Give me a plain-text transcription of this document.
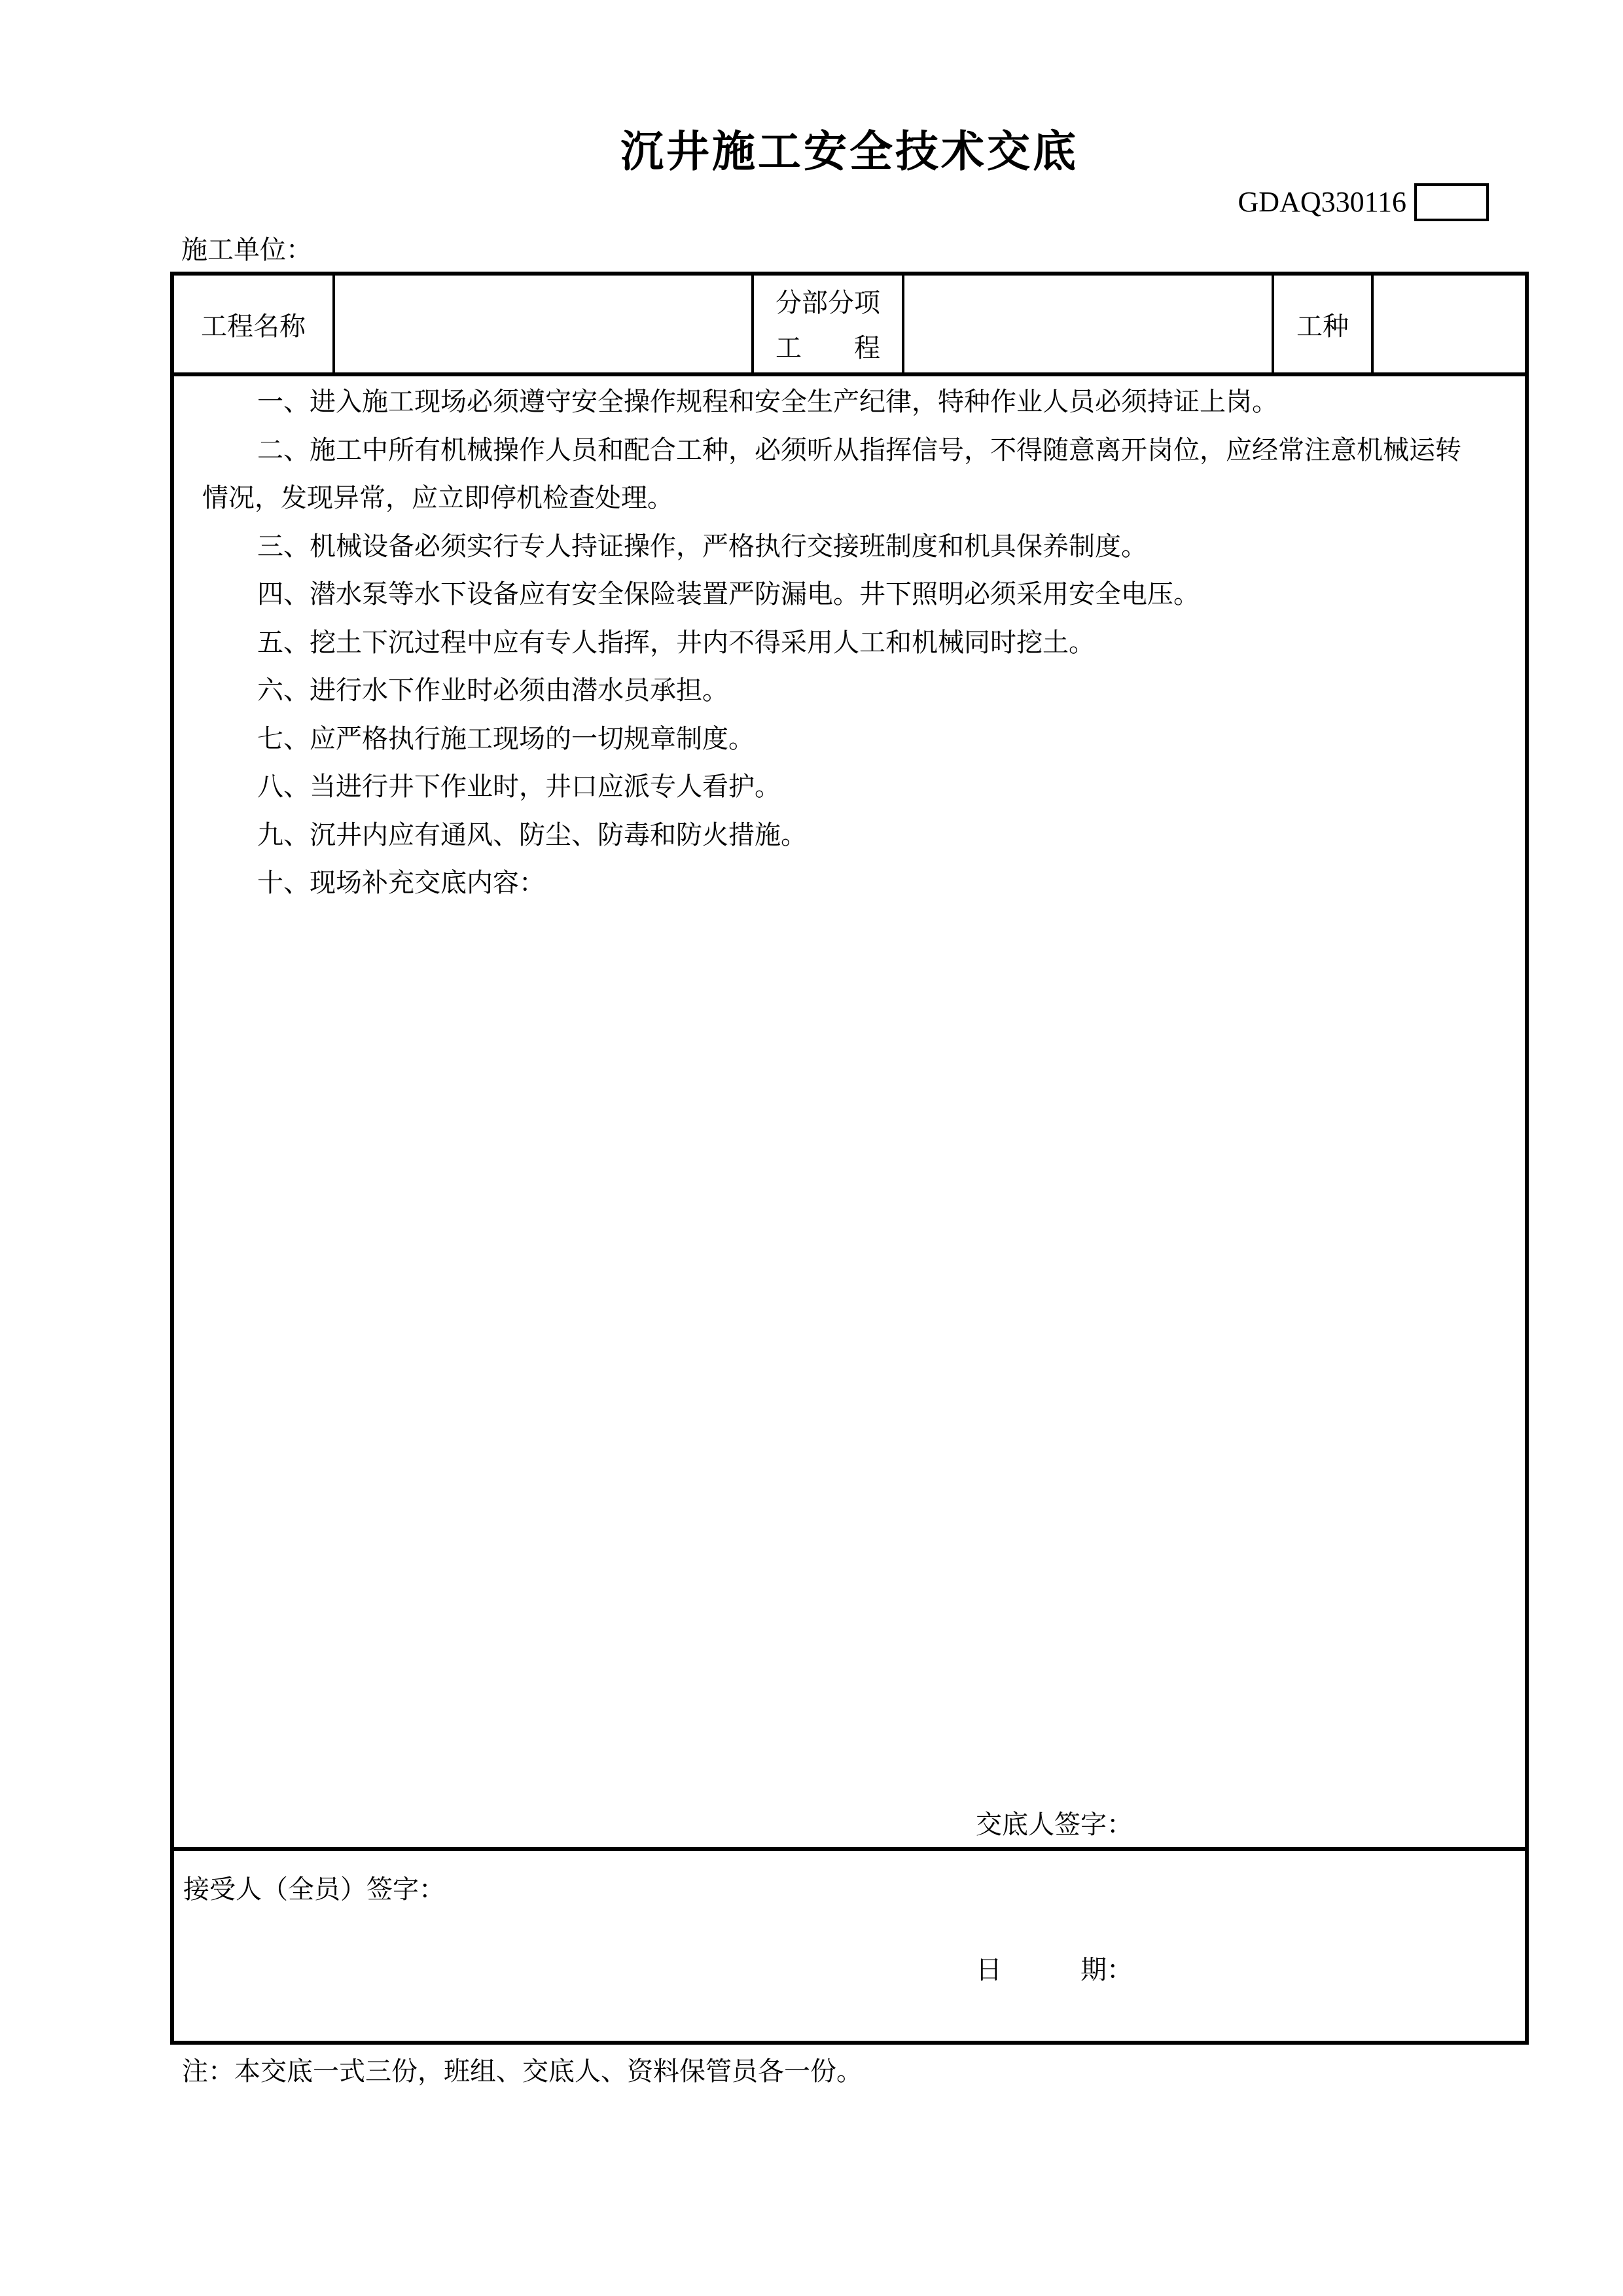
沉井施工安全技术交底
GDAQ330116
施工单位：
工程名称
分部分项
工　　程
工种

一、进入施工现场必须遵守安全操作规程和安全生产纪律，特种作业人员必须持证上岗。

二、施工中所有机械操作人员和配合工种，必须听从指挥信号，不得随意离开岗位，应经常注意机械运转情况，发现异常，应立即停机检查处理。

三、机械设备必须实行专人持证操作，严格执行交接班制度和机具保养制度。

四、潜水泵等水下设备应有安全保险装置严防漏电。井下照明必须采用安全电压。

五、挖土下沉过程中应有专人指挥，井内不得采用人工和机械同时挖土。

六、进行水下作业时必须由潜水员承担。

七、应严格执行施工现场的一切规章制度。

八、当进行井下作业时，井口应派专人看护。

九、沉井内应有通风、防尘、防毒和防火措施。

十、现场补充交底内容：

交底人签字：

日　　　期：

接受人（全员）签字：
注：本交底一式三份，班组、交底人、资料保管员各一份。
